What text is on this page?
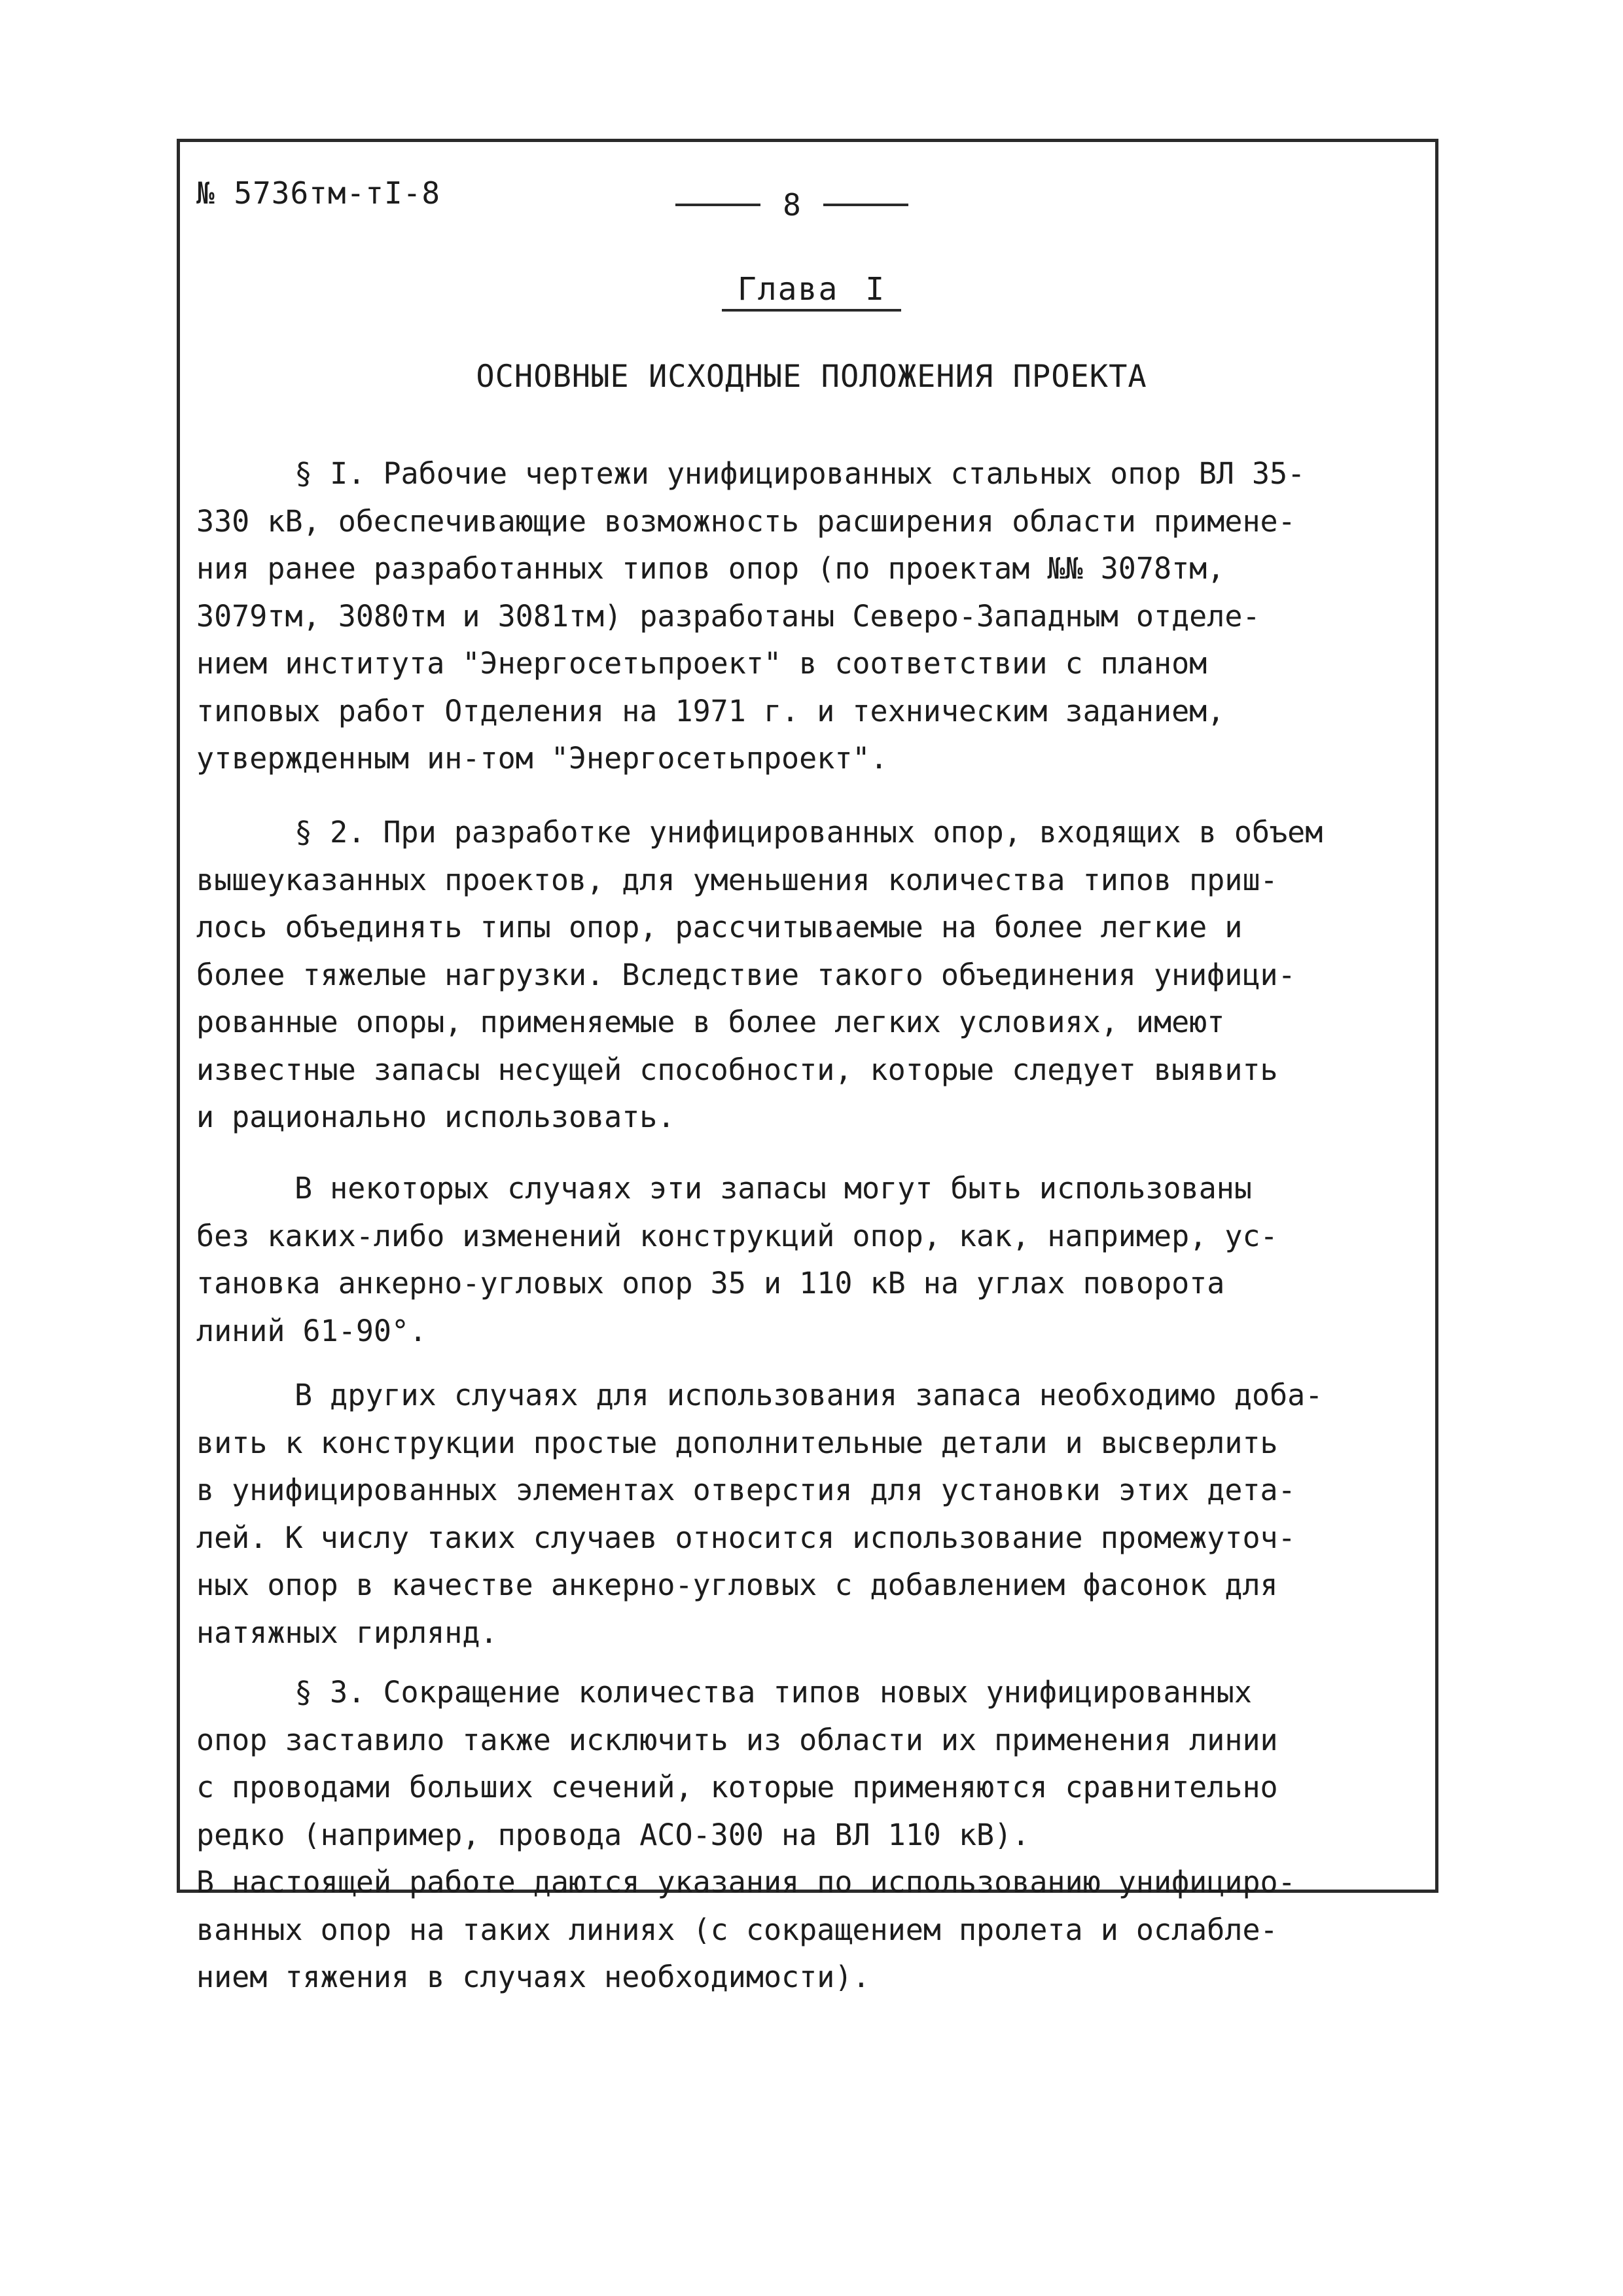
№ 5736тм-тI-8	8
Глава I
ОСНОВНЫЕ ИСХОДНЫЕ ПОЛОЖЕНИЯ ПРОЕКТА
§ I. Рабочие чертежи унифицированных стальных опор ВЛ 35-
330 кВ, обеспечивающие возможность расширения области примене-
ния ранее разработанных типов опор (по проектам №№ 3078тм,
3079тм, 3080тм и 3081тм) разработаны Северо-Западным отделе-
нием института "Энергосетьпроект" в соответствии с планом
типовых работ Отделения на 1971 г. и техническим заданием,
утвержденным ин-том "Энергосетьпроект".
§ 2. При разработке унифицированных опор, входящих в объем
вышеуказанных проектов, для уменьшения количества типов приш-
лось объединять типы опор, рассчитываемые на более легкие и
более тяжелые нагрузки. Вследствие такого объединения унифици-
рованные опоры, применяемые в более легких условиях, имеют
известные запасы несущей способности, которые следует выявить
и рационально использовать.
В некоторых случаях эти запасы могут быть использованы
без каких-либо изменений конструкций опор, как, например, ус-
тановка анкерно-угловых опор 35 и 110 кВ на углах поворота
линий 61-90°.
В других случаях для использования запаса необходимо доба-
вить к конструкции простые дополнительные детали и высверлить
в унифицированных элементах отверстия для установки этих дета-
лей. К числу таких случаев относится использование промежуточ-
ных опор в качестве анкерно-угловых с добавлением фасонок для
натяжных гирлянд.
§ 3. Сокращение количества типов новых унифицированных
опор заставило также исключить из области их применения линии
с проводами больших сечений, которые применяются сравнительно
редко (например, провода АСО-300 на ВЛ 110 кВ).
В настоящей работе даются указания по использованию унифициро-
ванных опор на таких линиях (с сокращением пролета и ослабле-
нием тяжения в случаях необходимости).
